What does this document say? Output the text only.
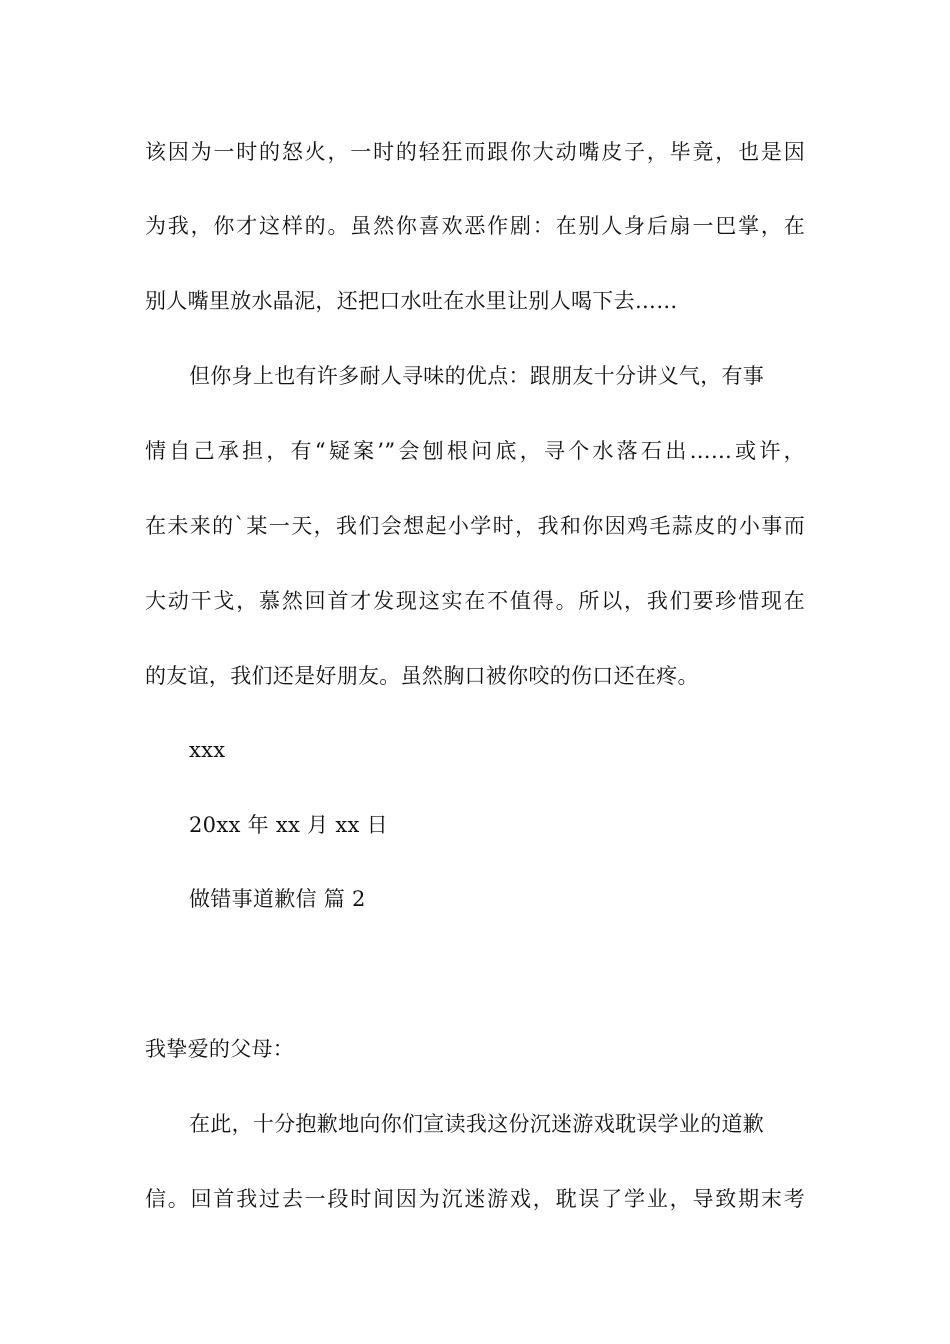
该因为一时的怒火，一时的轻狂而跟你大动嘴皮子，毕竟，也是因
为我，你才这样的。虽然你喜欢恶作剧：在别人身后扇一巴掌，在
别人嘴里放水晶泥，还把口水吐在水里让别人喝下去……
但你身上也有许多耐人寻味的优点：跟朋友十分讲义气，有事
情自己承担，有“疑案’”会刨根问底，寻个水落石出……或许，
在未来的`某一天，我们会想起小学时，我和你因鸡毛蒜皮的小事而
大动干戈，慕然回首才发现这实在不值得。所以，我们要珍惜现在
的友谊，我们还是好朋友。虽然胸口被你咬的伤口还在疼。
xxx
20xx 年 xx 月 xx 日
做错事道歉信 篇 2
我挚爱的父母：
在此，十分抱歉地向你们宣读我这份沉迷游戏耽误学业的道歉
信。回首我过去一段时间因为沉迷游戏，耽误了学业，导致期末考
